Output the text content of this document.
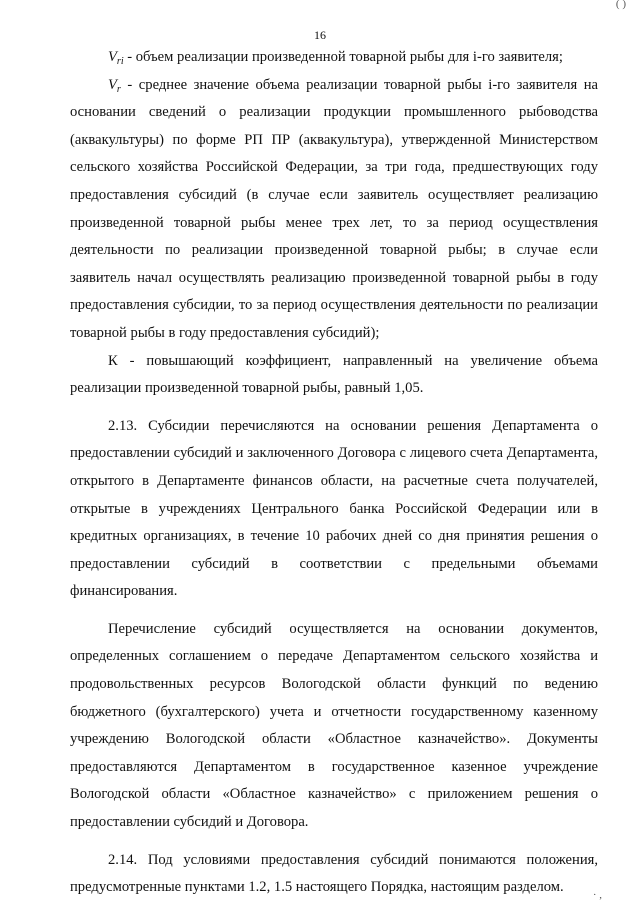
( )
16

$V_{ri}$ - объем реализации произведенной товарной рыбы для i-го заявителя;

$V_r$ - среднее значение объема реализации товарной рыбы i-го заявителя на основании сведений о реализации продукции промышленного рыбоводства (аквакультуры) по форме РП ПР (аквакультура), утвержденной Министерством сельского хозяйства Российской Федерации, за три года, предшествующих году предоставления субсидий (в случае если заявитель осуществляет реализацию произведенной товарной рыбы менее трех лет, то за период осуществления деятельности по реализации произведенной товарной рыбы; в случае если заявитель начал осуществлять реализацию произведенной товарной рыбы в году предоставления субсидии, то за период осуществления деятельности по реализации товарной рыбы в году предоставления субсидий);

К - повышающий коэффициент, направленный на увеличение объема реализации произведенной товарной рыбы, равный 1,05.

2.13. Субсидии перечисляются на основании решения Департамента о предоставлении субсидий и заключенного Договора с лицевого счета Департамента, открытого в Департаменте финансов области, на расчетные счета получателей, открытые в учреждениях Центрального банка Российской Федерации или в кредитных организациях, в течение 10 рабочих дней со дня принятия решения о предоставлении субсидий в соответствии с предельными объемами финансирования.

Перечисление субсидий осуществляется на основании документов, определенных соглашением о передаче Департаментом сельского хозяйства и продовольственных ресурсов Вологодской области функций по ведению бюджетного (бухгалтерского) учета и отчетности государственному казенному учреждению Вологодской области «Областное казначейство». Документы предоставляются Департаментом в государственное казенное учреждение Вологодской области «Областное казначейство» с приложением решения о предоставлении субсидий и Договора.

2.14. Под условиями предоставления субсидий понимаются положения, предусмотренные пунктами 1.2, 1.5 настоящего Порядка, настоящим разделом.	· ,
